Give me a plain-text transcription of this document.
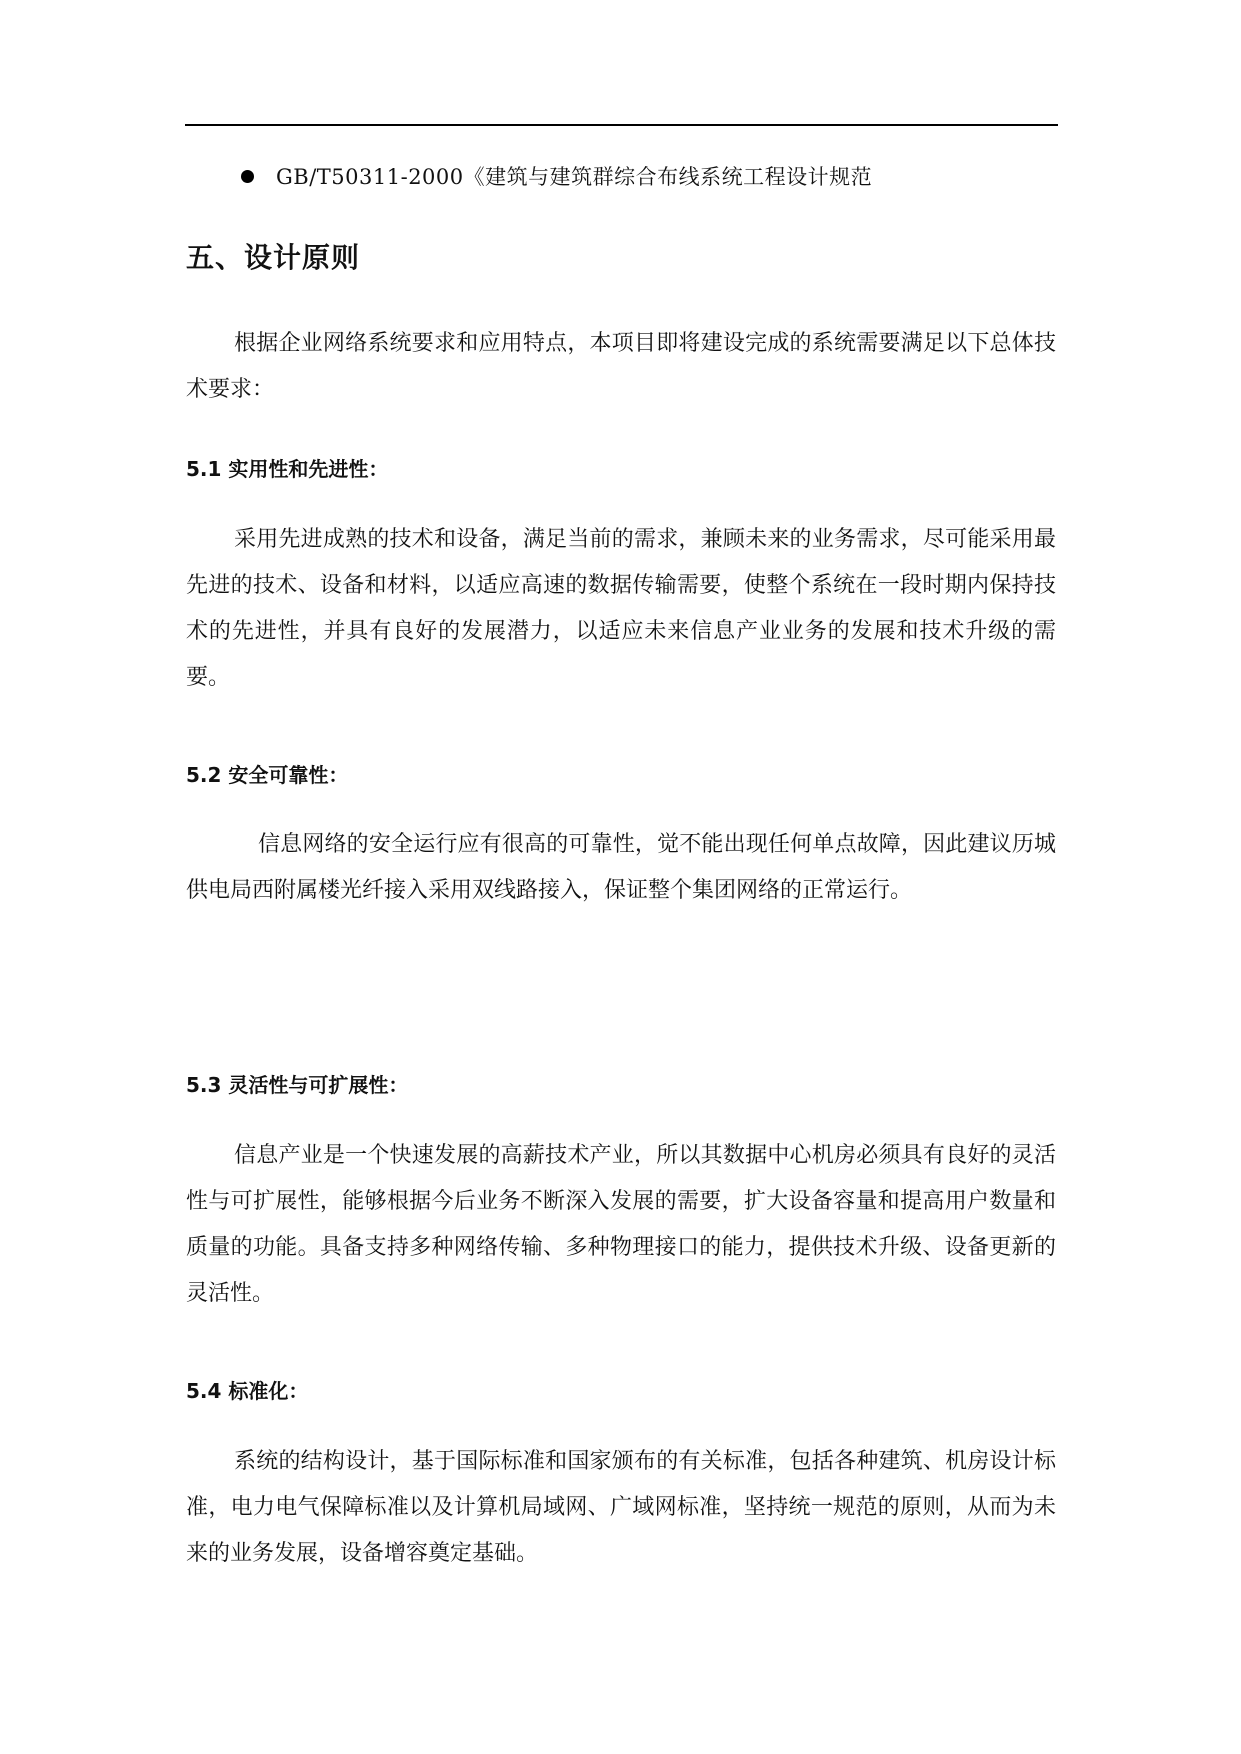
GB/T50311-2000《建筑与建筑群综合布线系统工程设计规范
五、设计原则

根据企业网络系统要求和应用特点，本项目即将建设完成的系统需要满足以下总体技术要求：

5.1 实用性和先进性：

采用先进成熟的技术和设备，满足当前的需求，兼顾未来的业务需求，尽可能采用最先进的技术、设备和材料，以适应高速的数据传输需要，使整个系统在一段时期内保持技术的先进性，并具有良好的发展潜力，以适应未来信息产业业务的发展和技术升级的需要。

5.2 安全可靠性：

信息网络的安全运行应有很高的可靠性，觉不能出现任何单点故障，因此建议历城供电局西附属楼光纤接入采用双线路接入，保证整个集团网络的正常运行。

5.3 灵活性与可扩展性：

信息产业是一个快速发展的高薪技术产业，所以其数据中心机房必须具有良好的灵活性与可扩展性，能够根据今后业务不断深入发展的需要，扩大设备容量和提高用户数量和质量的功能。具备支持多种网络传输、多种物理接口的能力，提供技术升级、设备更新的灵活性。

5.4 标准化：

系统的结构设计，基于国际标准和国家颁布的有关标准，包括各种建筑、机房设计标准，电力电气保障标准以及计算机局域网、广域网标准，坚持统一规范的原则，从而为未来的业务发展，设备增容奠定基础。
